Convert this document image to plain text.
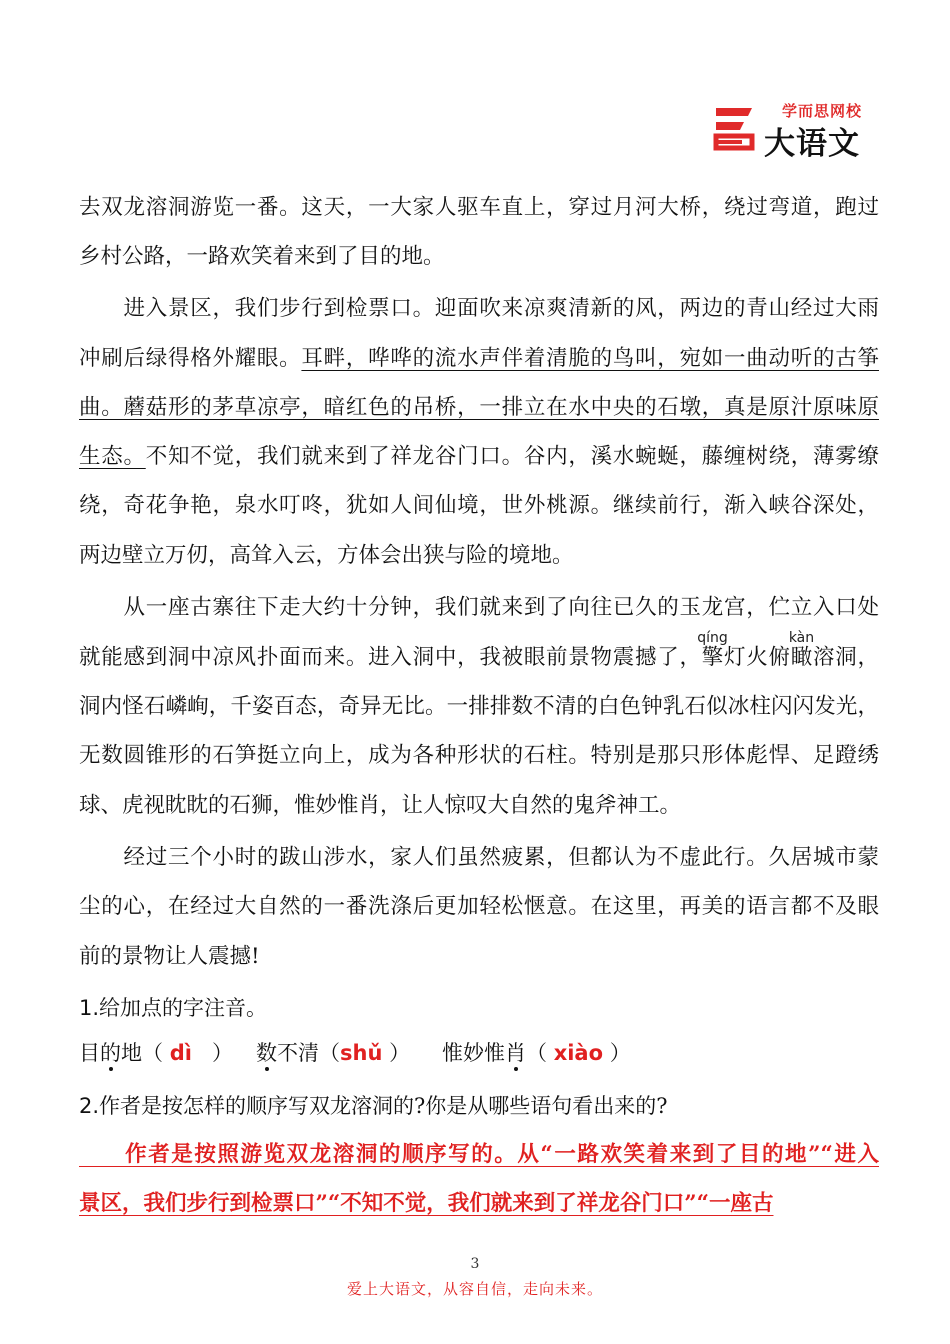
学而思网校
大语文
去双龙溶洞游览一番。这天，一大家人驱车直上，穿过月河大桥，绕过弯道，跑过
乡村公路，一路欢笑着来到了目的地。
　　进入景区，我们步行到检票口。迎面吹来凉爽清新的风，两边的青山经过大雨
冲刷后绿得格外耀眼。耳畔，哗哗的流水声伴着清脆的鸟叫，宛如一曲动听的古筝
曲。蘑菇形的茅草凉亭，暗红色的吊桥，一排立在水中央的石墩，真是原汁原味原
生态。不知不觉，我们就来到了祥龙谷门口。谷内，溪水蜿蜒，藤缠树绕，薄雾缭
绕，奇花争艳，泉水叮咚，犹如人间仙境，世外桃源。继续前行，渐入峡谷深处，
两边壁立万仞，高耸入云，方体会出狭与险的境地。
　　从一座古寨往下走大约十分钟，我们就来到了向往已久的玉龙宫，伫立入口处
就能感到洞中凉风扑面而来。进入洞中，我被眼前景物震撼了，
qíng
擎灯火俯
kàn
瞰溶洞，
洞内怪石嶙峋，千姿百态，奇异无比。一排排数不清的白色钟乳石似冰柱闪闪发光，
无数圆锥形的石笋挺立向上，成为各种形状的石柱。特别是那只形体彪悍、足蹬绣
球、虎视眈眈的石狮，惟妙惟肖，让人惊叹大自然的鬼斧神工。
　　经过三个小时的跋山涉水，家人们虽然疲累，但都认为不虚此行。久居城市蒙
尘的心，在经过大自然的一番洗涤后更加轻松惬意。在这里，再美的语言都不及眼
前的景物让人震撼!
1.给加点的字注音。
目的地（ dì ） 数不清（shǔ ） 惟妙惟肖（ xiào ）
2.作者是按怎样的顺序写双龙溶洞的?你是从哪些语句看出来的?
　　作者是按照游览双龙溶洞的顺序写的。从“一路欢笑着来到了目的地”“进入
景区，我们步行到检票口”“不知不觉，我们就来到了祥龙谷门口”“一座古
3
爱上大语文，从容自信，走向未来。
